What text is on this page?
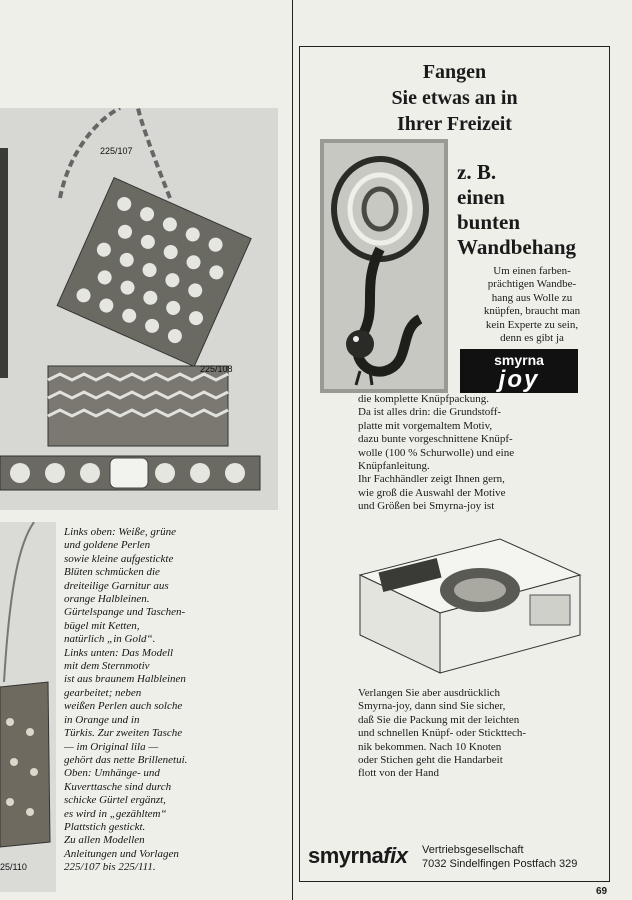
225/107
225/108
25/110

Links oben: Weiße, grüne
und goldene Perlen
sowie kleine aufgestickte
Blüten schmücken die
dreiteilige Garnitur aus
orange Halbleinen.
Gürtelspange und Taschen-
bügel mit Ketten,
natürlich „in Gold“.
Links unten: Das Modell
mit dem Sternmotiv
ist aus braunem Halbleinen
gearbeitet; neben
weißen Perlen auch solche
in Orange und in
Türkis. Zur zweiten Tasche
— im Original lila —
gehört das nette Brillenetui.
Oben: Umhänge- und
Kuverttasche sind durch
schicke Gürtel ergänzt,
es wird in „gezähltem“
Plattstich gestickt.
Zu allen Modellen
Anleitungen und Vorlagen
225/107 bis 225/111.

Fangen
Sie etwas an in
Ihrer Freizeit
z. B.
einen
bunten
Wandbehang
Um einen farben-
prächtigen Wandbe-
hang aus Wolle zu
knüpfen, braucht man
kein Experte zu sein,
denn es gibt ja
smyrna
joy
die komplette Knüpfpackung.
Da ist alles drin: die Grundstoff-
platte mit vorgemaltem Motiv,
dazu bunte vorgeschnittene Knüpf-
wolle (100 % Schurwolle) und eine
Knüpfanleitung.
Ihr Fachhändler zeigt Ihnen gern,
wie groß die Auswahl der Motive
und Größen bei Smyrna-joy ist
Verlangen Sie aber ausdrücklich
Smyrna-joy, dann sind Sie sicher,
daß Sie die Packung mit der leichten
und schnellen Knüpf- oder Stickttech-
nik bekommen. Nach 10 Knoten
oder Stichen geht die Handarbeit
flott von der Hand
smyrnafix Vertriebsgesellschaft
7032 Sindelfingen Postfach 329
69
